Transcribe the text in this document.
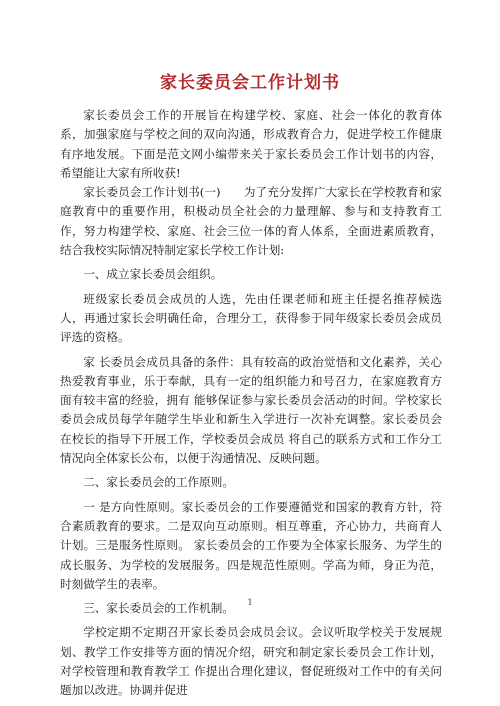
家长委员会工作计划书

家长委员会工作的开展旨在构建学校、家庭、社会一体化的教育体系，加强家庭与学校之间的双向沟通，形成教育合力，促进学校工作健康有序地发展。下面是范文网小编带来关于家长委员会工作计划书的内容，希望能让大家有所收获!

家长委员会工作计划书(一)　　为了充分发挥广大家长在学校教育和家庭教育中的重要作用，积极动员全社会的力量理解、参与和支持教育工作，努力构建学校、家庭、社会三位一体的育人体系，全面进素质教育，结合我校实际情况特制定家长学校工作计划:

一、成立家长委员会组织。

班级家长委员会成员的人选，先由任课老师和班主任提名推荐候选人，再通过家长会明确任命，合理分工，获得参于同年级家长委员会成员评选的资格。

家 长委员会成员具备的条件：具有较高的政治觉悟和文化素养，关心热爱教育事业，乐于奉献，具有一定的组织能力和号召力，在家庭教育方面有较丰富的经验，拥有 能够保证参与家长委员会活动的时间。学校家长委员会成员每学年随学生毕业和新生入学进行一次补充调整。家长委员会在校长的指导下开展工作，学校委员会成员 将自己的联系方式和工作分工情况向全体家长公布，以便于沟通情况、反映问题。

二、家长委员会的工作原则。

一 是方向性原则。家长委员会的工作要遵循党和国家的教育方针，符合素质教育的要求。二是双向互动原则。相互尊重，齐心协力，共商育人计划。三是服务性原则。 家长委员会的工作要为全体家长服务、为学生的成长服务、为学校的发展服务。四是规范性原则。学高为师，身正为范，时刻做学生的表率。

三、家长委员会的工作机制。

学校定期不定期召开家长委员会成员会议。会议听取学校关于发展规划、教学工作安排等方面的情况介绍，研究和制定家长委员会工作计划，对学校管理和教育教学工 作提出合理化建议，督促班级对工作中的有关问题加以改进。协调并促进

1
